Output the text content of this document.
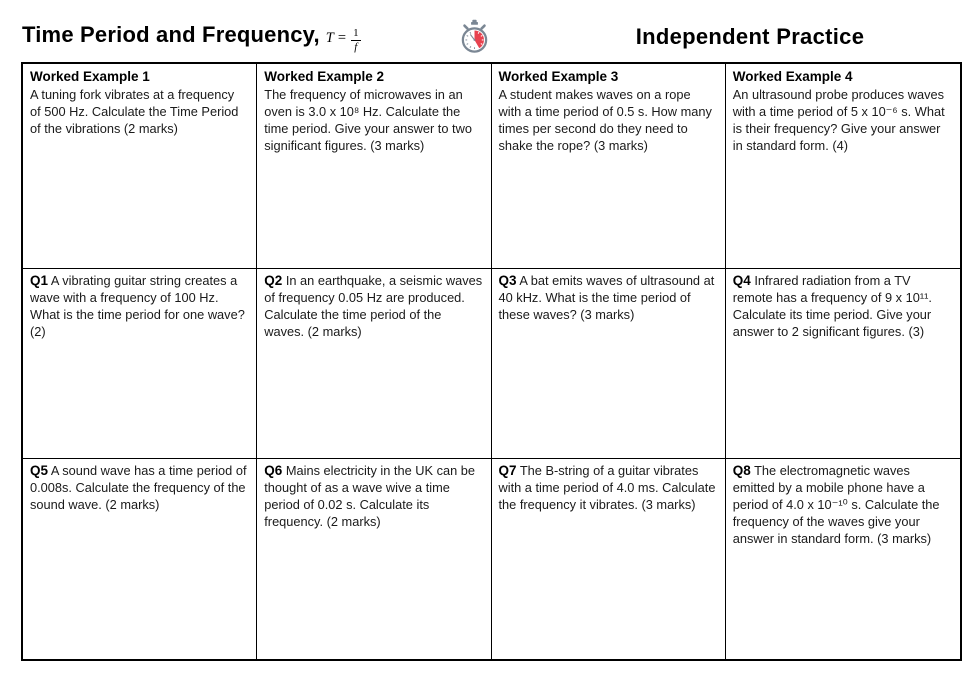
Time Period and Frequency, $T = \frac{1}{f}$	Independent Practice
Worked Example 1

A tuning fork vibrates at a frequency of 500 Hz. Calculate the Time Period of the vibrations (2 marks)

Worked Example 2

The frequency of microwaves in an oven is 3.0 x 10⁸ Hz. Calculate the time period. Give your answer to two significant figures. (3 marks)

Worked Example 3

A student makes waves on a rope with a time period of 0.5 s. How many times per second do they need to shake the rope? (3 marks)

Worked Example 4

An ultrasound probe produces waves with a time period of 5 x 10⁻⁶ s. What is their frequency? Give your answer in standard form. (4)

Q1 A vibrating guitar string creates a wave with a frequency of 100 Hz. What is the time period for one wave? (2)

Q2 In an earthquake, a seismic waves of frequency 0.05 Hz are produced. Calculate the time period of the waves. (2 marks)

Q3 A bat emits waves of ultrasound at 40 kHz. What is the time period of these waves? (3 marks)

Q4 Infrared radiation from a TV remote has a frequency of 9 x 10¹¹. Calculate its time period. Give your answer to 2 significant figures. (3)

Q5 A sound wave has a time period of 0.008s. Calculate the frequency of the sound wave. (2 marks)

Q6 Mains electricity in the UK can be thought of as a wave wive a time period of 0.02 s. Calculate its frequency. (2 marks)

Q7 The B-string of a guitar vibrates with a time period of 4.0 ms. Calculate the frequency it vibrates. (3 marks)

Q8 The electromagnetic waves emitted by a mobile phone have a period of 4.0 x 10⁻¹⁰ s. Calculate the frequency of the waves give your answer in standard form. (3 marks)
